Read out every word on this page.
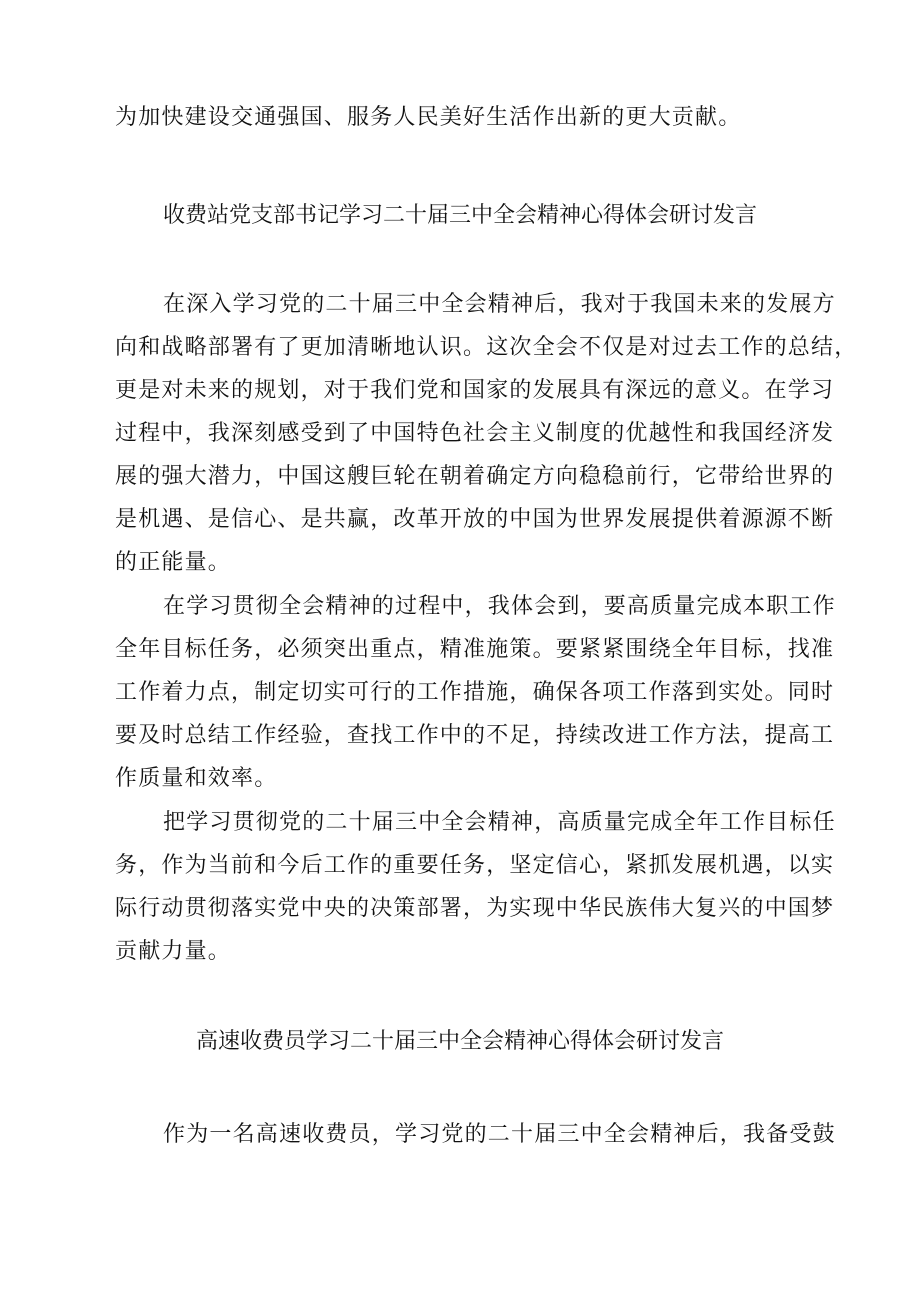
为加快建设交通强国、服务人民美好生活作出新的更大贡献。
收费站党支部书记学习二十届三中全会精神心得体会研讨发言
在深入学习党的二十届三中全会精神后，我对于我国未来的发展方
向和战略部署有了更加清晰地认识。这次全会不仅是对过去工作的总结，
更是对未来的规划，对于我们党和国家的发展具有深远的意义。在学习
过程中，我深刻感受到了中国特色社会主义制度的优越性和我国经济发
展的强大潜力，中国这艘巨轮在朝着确定方向稳稳前行，它带给世界的
是机遇、是信心、是共赢，改革开放的中国为世界发展提供着源源不断
的正能量。
在学习贯彻全会精神的过程中，我体会到，要高质量完成本职工作
全年目标任务，必须突出重点，精准施策。要紧紧围绕全年目标，找准
工作着力点，制定切实可行的工作措施，确保各项工作落到实处。同时
要及时总结工作经验，查找工作中的不足，持续改进工作方法，提高工
作质量和效率。
把学习贯彻党的二十届三中全会精神，高质量完成全年工作目标任
务，作为当前和今后工作的重要任务，坚定信心，紧抓发展机遇，以实
际行动贯彻落实党中央的决策部署，为实现中华民族伟大复兴的中国梦
贡献力量。
高速收费员学习二十届三中全会精神心得体会研讨发言
作为一名高速收费员，学习党的二十届三中全会精神后，我备受鼓
